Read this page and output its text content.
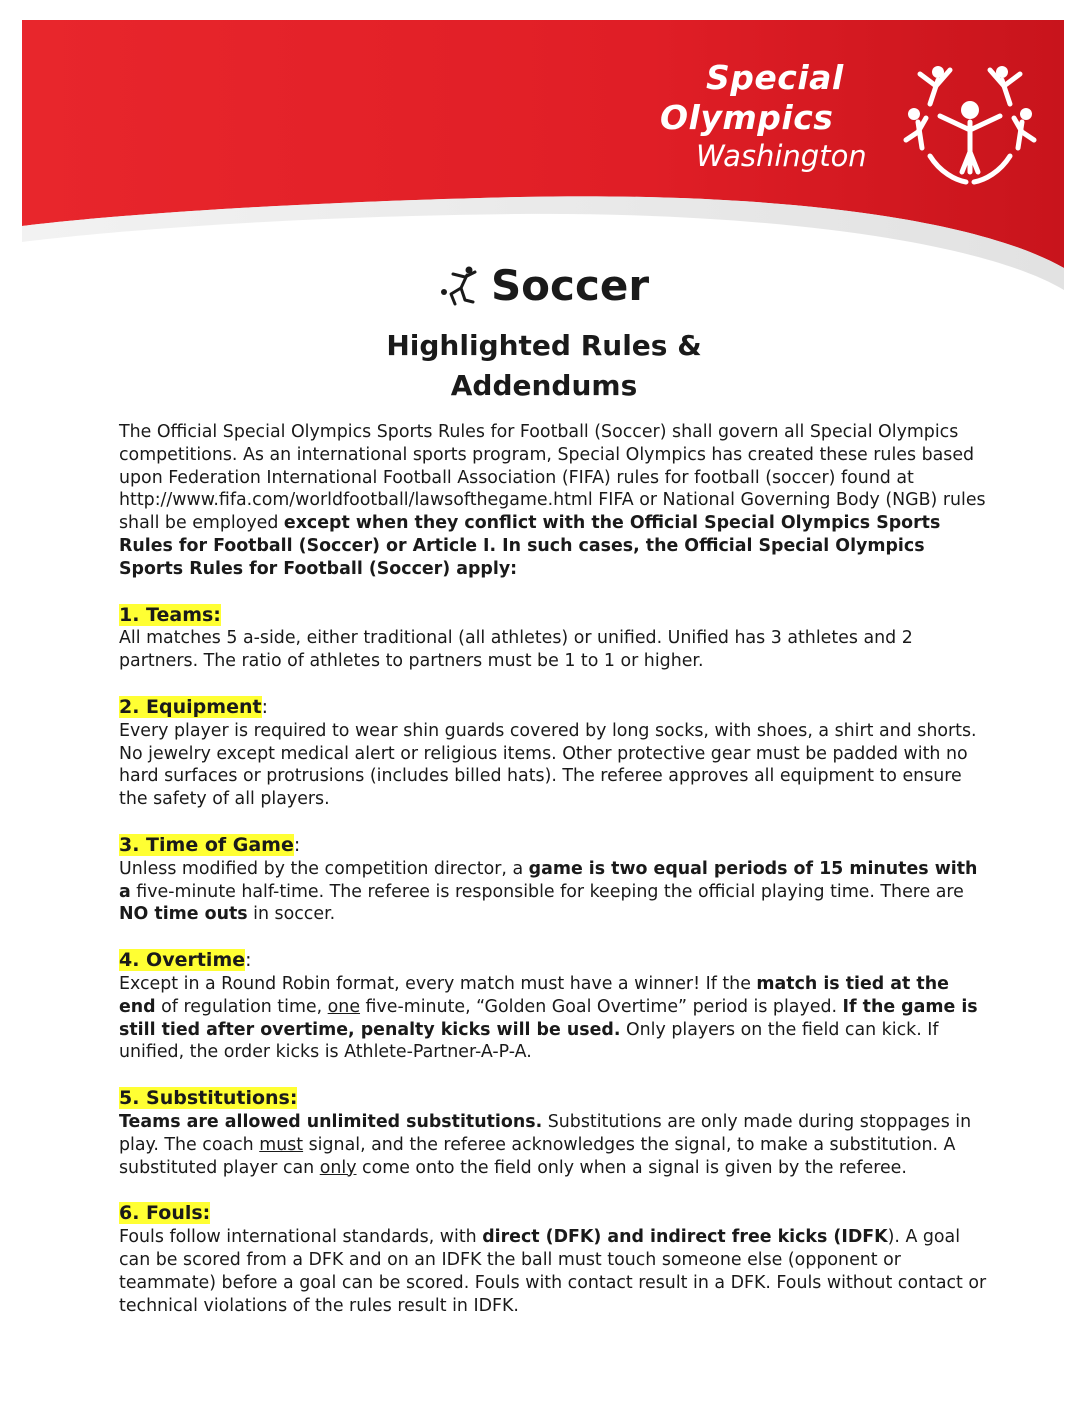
Special
Olympics
Washington
Soccer
Highlighted Rules &
Addendums

The Official Special Olympics Sports Rules for Football (Soccer) shall govern all Special Olympics competitions. As an international sports program, Special Olympics has created these rules based upon Federation International Football Association (FIFA) rules for football (soccer) found at http://www.fifa.com/worldfootball/lawsofthegame.html FIFA or National Governing Body (NGB) rules shall be employed except when they conflict with the Official Special Olympics Sports Rules for Football (Soccer) or Article I. In such cases, the Official Special Olympics Sports Rules for Football (Soccer) apply:

1. Teams:

All matches 5 a-side, either traditional (all athletes) or unified. Unified has 3 athletes and 2 partners. The ratio of athletes to partners must be 1 to 1 or higher.

2. Equipment:

Every player is required to wear shin guards covered by long socks, with shoes, a shirt and shorts. No jewelry except medical alert or religious items. Other protective gear must be padded with no hard surfaces or protrusions (includes billed hats). The referee approves all equipment to ensure the safety of all players.

3. Time of Game:

Unless modified by the competition director, a game is two equal periods of 15 minutes with a five-minute half-time. The referee is responsible for keeping the official playing time. There are NO time outs in soccer.

4. Overtime:

Except in a Round Robin format, every match must have a winner! If the match is tied at the end of regulation time, one five-minute, “Golden Goal Overtime” period is played. If the game is still tied after overtime, penalty kicks will be used. Only players on the field can kick. If unified, the order kicks is Athlete-Partner-A-P-A.

5. Substitutions:

Teams are allowed unlimited substitutions. Substitutions are only made during stoppages in play. The coach must signal, and the referee acknowledges the signal, to make a substitution. A substituted player can only come onto the field only when a signal is given by the referee.

6. Fouls:

Fouls follow international standards, with direct (DFK) and indirect free kicks (IDFK). A goal can be scored from a DFK and on an IDFK the ball must touch someone else (opponent or teammate) before a goal can be scored. Fouls with contact result in a DFK. Fouls without contact or technical violations of the rules result in IDFK.
